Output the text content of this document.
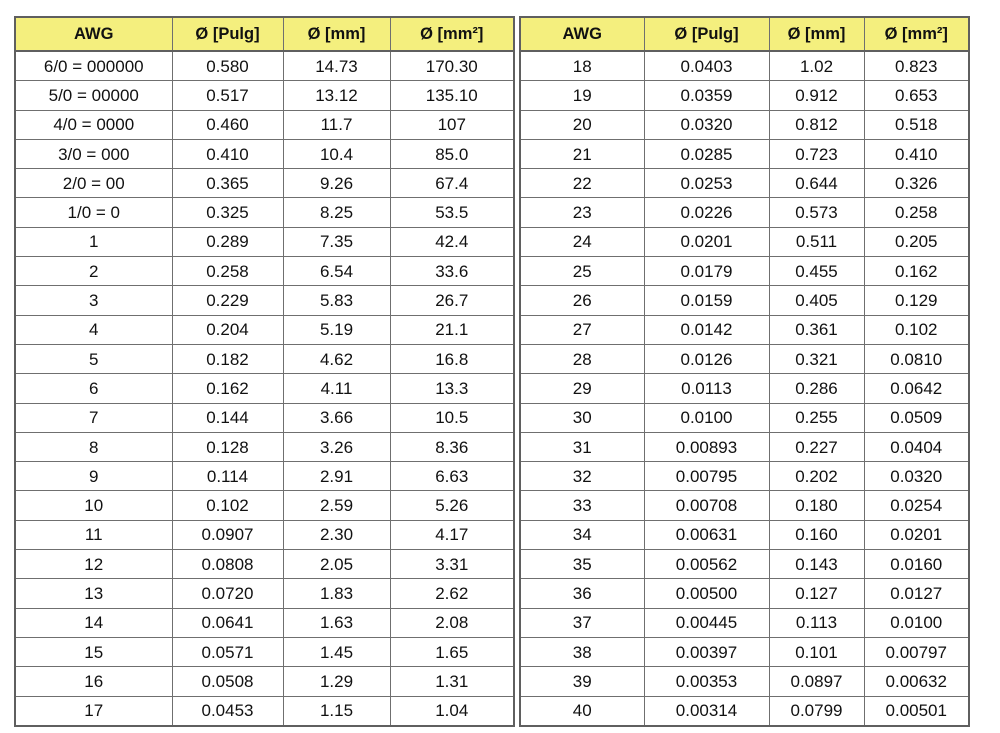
AWG	Ø [Pulg]	Ø [mm]	Ø [mm²]
6/0 = 000000	0.580	14.73	170.30
5/0 = 00000	0.517	13.12	135.10
4/0 = 0000	0.460	11.7	107
3/0 = 000	0.410	10.4	85.0
2/0 = 00	0.365	9.26	67.4
1/0 = 0	0.325	8.25	53.5
1	0.289	7.35	42.4
2	0.258	6.54	33.6
3	0.229	5.83	26.7
4	0.204	5.19	21.1
5	0.182	4.62	16.8
6	0.162	4.11	13.3
7	0.144	3.66	10.5
8	0.128	3.26	8.36
9	0.114	2.91	6.63
10	0.102	2.59	5.26
11	0.0907	2.30	4.17
12	0.0808	2.05	3.31
13	0.0720	1.83	2.62
14	0.0641	1.63	2.08
15	0.0571	1.45	1.65
16	0.0508	1.29	1.31
17	0.0453	1.15	1.04
AWG	Ø [Pulg]	Ø [mm]	Ø [mm²]
18	0.0403	1.02	0.823
19	0.0359	0.912	0.653
20	0.0320	0.812	0.518
21	0.0285	0.723	0.410
22	0.0253	0.644	0.326
23	0.0226	0.573	0.258
24	0.0201	0.511	0.205
25	0.0179	0.455	0.162
26	0.0159	0.405	0.129
27	0.0142	0.361	0.102
28	0.0126	0.321	0.0810
29	0.0113	0.286	0.0642
30	0.0100	0.255	0.0509
31	0.00893	0.227	0.0404
32	0.00795	0.202	0.0320
33	0.00708	0.180	0.0254
34	0.00631	0.160	0.0201
35	0.00562	0.143	0.0160
36	0.00500	0.127	0.0127
37	0.00445	0.113	0.0100
38	0.00397	0.101	0.00797
39	0.00353	0.0897	0.00632
40	0.00314	0.0799	0.00501
